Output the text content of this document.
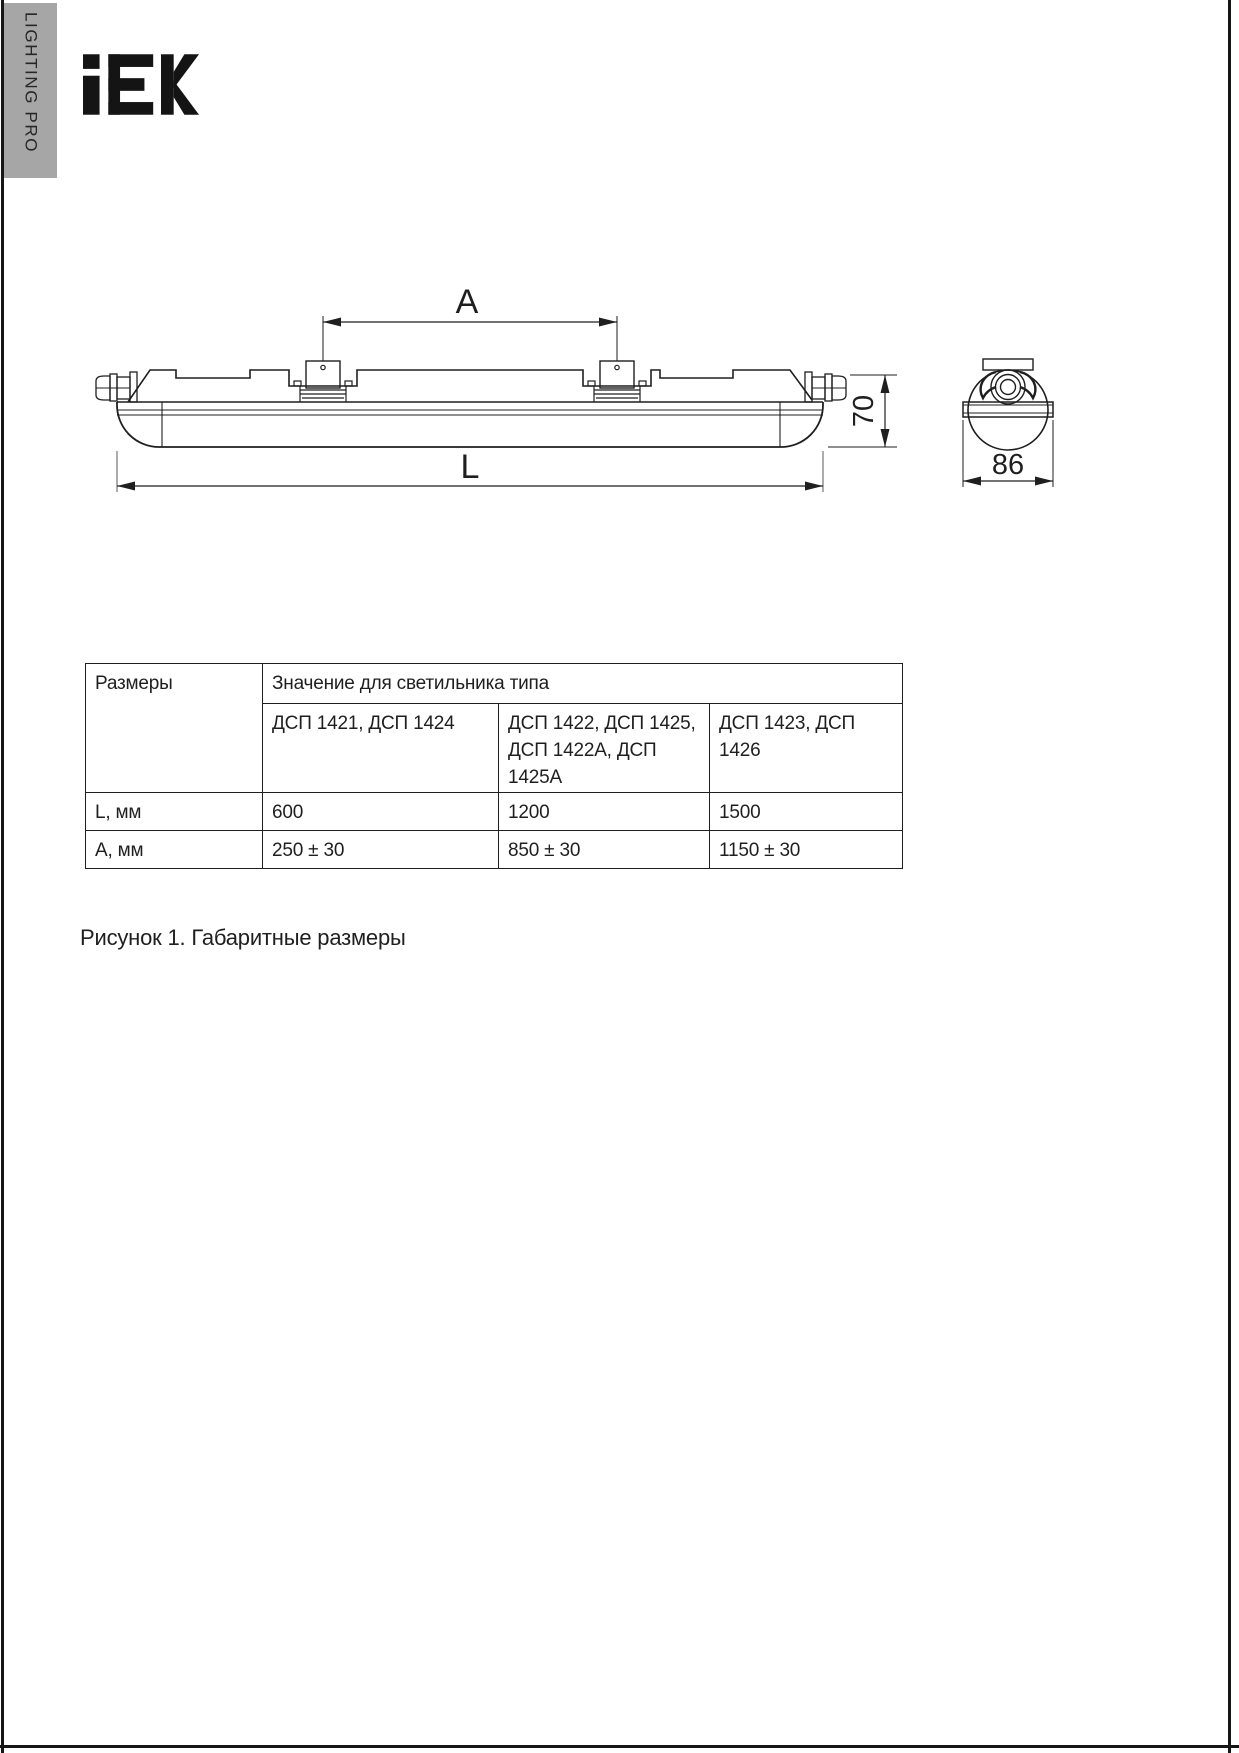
LIGHTING PRO
A
L
70
86
Размеры	Значение для светильника типа		
	ДСП 1421, ДСП 1424	ДСП 1422, ДСП 1425, ДСП 1422А, ДСП 1425А	ДСП 1423, ДСП 1426
L, мм	600	1200	1500
А, мм	250 ± 30	850 ± 30	1150 ± 30
Рисунок 1. Габаритные размеры
